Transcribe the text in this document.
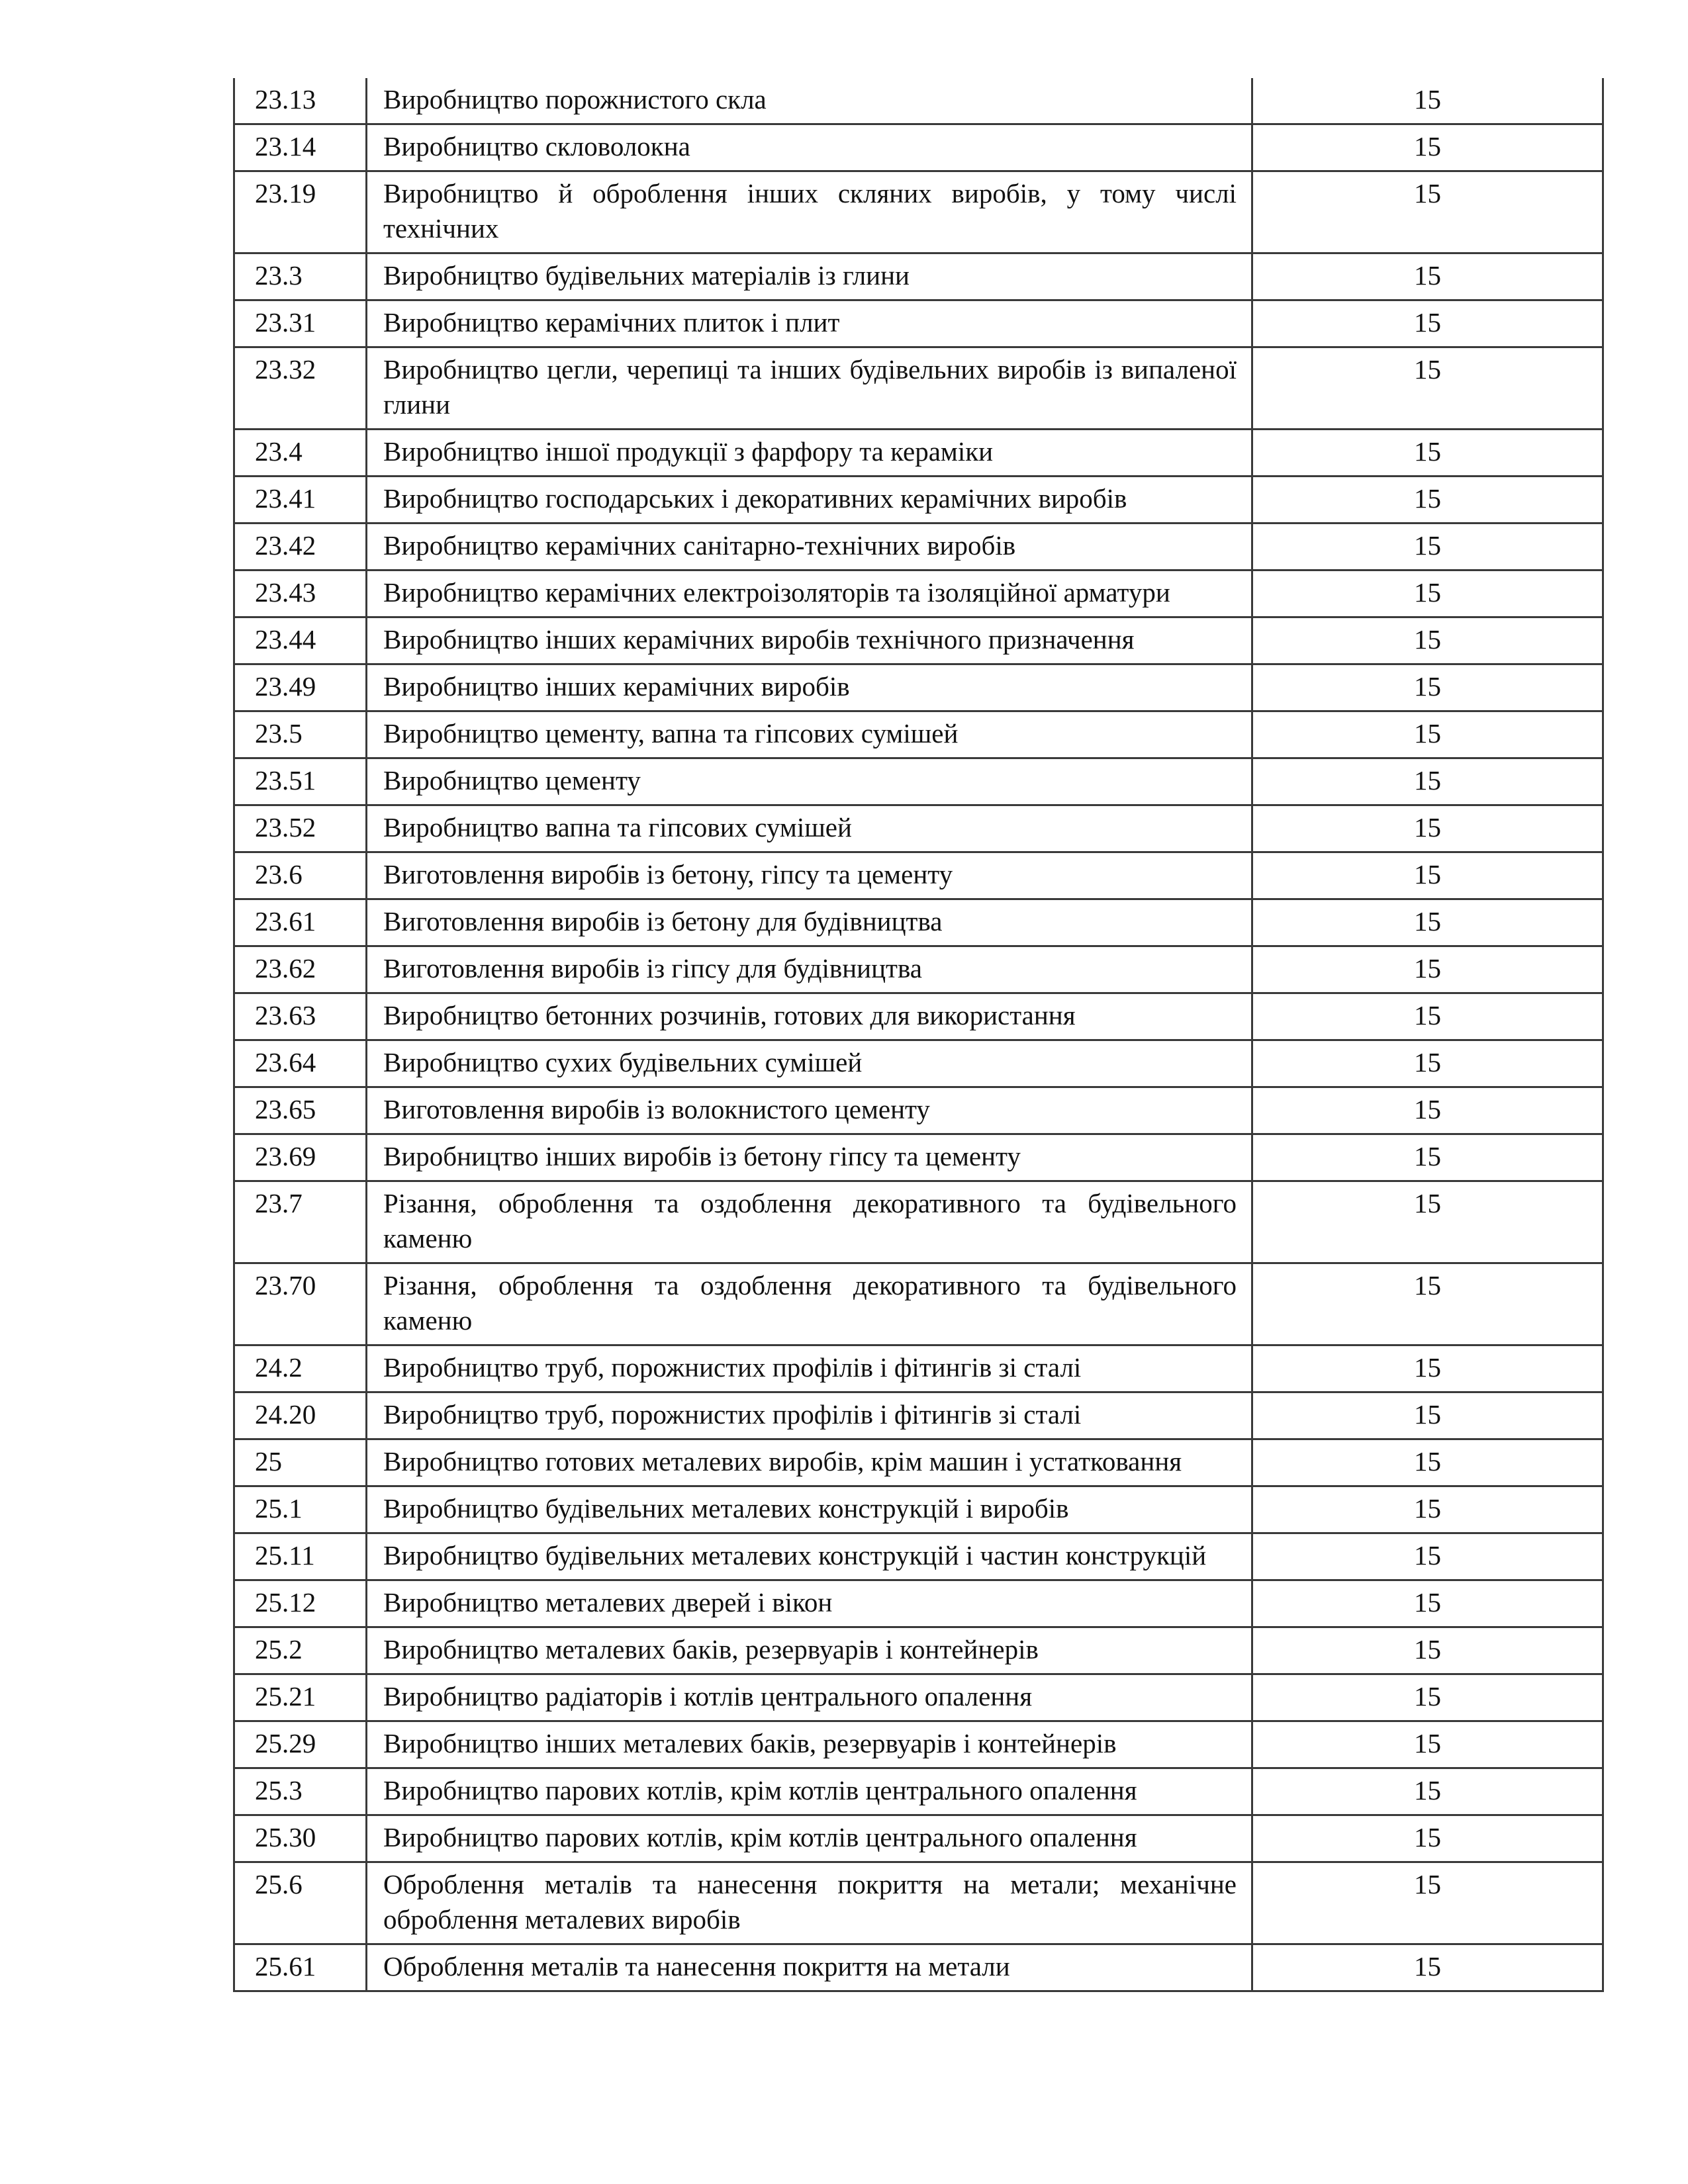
23.13	Виробництво порожнистого скла	15
23.14	Виробництво скловолокна	15
23.19	Виробництво й оброблення інших скляних виробів, у тому числі технічних	15
23.3	Виробництво будівельних матеріалів із глини	15
23.31	Виробництво керамічних плиток і плит	15
23.32	Виробництво цегли, черепиці та інших будівельних виробів із випаленої глини	15
23.4	Виробництво іншої продукції з фарфору та кераміки	15
23.41	Виробництво господарських і декоративних керамічних виробів	15
23.42	Виробництво керамічних санітарно-технічних виробів	15
23.43	Виробництво керамічних електроізоляторів та ізоляційної арматури	15
23.44	Виробництво інших керамічних виробів технічного призначення	15
23.49	Виробництво інших керамічних виробів	15
23.5	Виробництво цементу, вапна та гіпсових сумішей	15
23.51	Виробництво цементу	15
23.52	Виробництво вапна та гіпсових сумішей	15
23.6	Виготовлення виробів із бетону, гіпсу та цементу	15
23.61	Виготовлення виробів із бетону для будівництва	15
23.62	Виготовлення виробів із гіпсу для будівництва	15
23.63	Виробництво бетонних розчинів, готових для використання	15
23.64	Виробництво сухих будівельних сумішей	15
23.65	Виготовлення виробів із волокнистого цементу	15
23.69	Виробництво інших виробів із бетону гіпсу та цементу	15
23.7	Різання, оброблення та оздоблення декоративного та будівельного каменю	15
23.70	Різання, оброблення та оздоблення декоративного та будівельного каменю	15
24.2	Виробництво труб, порожнистих профілів і фітингів зі сталі	15
24.20	Виробництво труб, порожнистих профілів і фітингів зі сталі	15
25	Виробництво готових металевих виробів, крім машин і устатковання	15
25.1	Виробництво будівельних металевих конструкцій і виробів	15
25.11	Виробництво будівельних металевих конструкцій і частин конструкцій	15
25.12	Виробництво металевих дверей і вікон	15
25.2	Виробництво металевих баків, резервуарів і контейнерів	15
25.21	Виробництво радіаторів і котлів центрального опалення	15
25.29	Виробництво інших металевих баків, резервуарів і контейнерів	15
25.3	Виробництво парових котлів, крім котлів центрального опалення	15
25.30	Виробництво парових котлів, крім котлів центрального опалення	15
25.6	Оброблення металів та нанесення покриття на метали; механічне оброблення металевих виробів	15
25.61	Оброблення металів та нанесення покриття на метали	15
